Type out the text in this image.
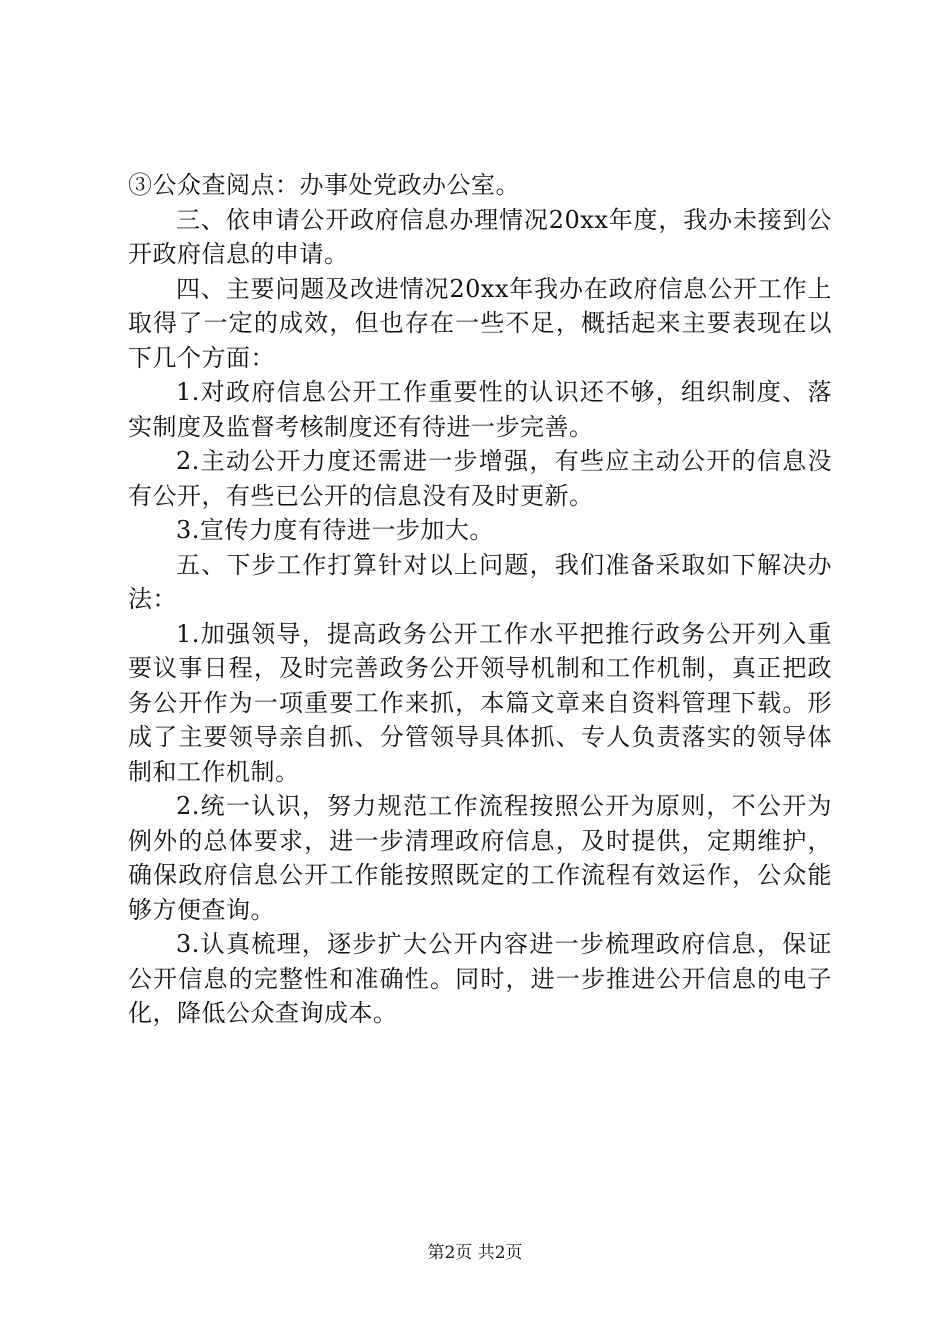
③公众查阅点：办事处党政办公室。

三、依申请公开政府信息办理情况20xx年度，我办未接到公开政府信息的申请。

四、主要问题及改进情况20xx年我办在政府信息公开工作上取得了一定的成效，但也存在一些不足，概括起来主要表现在以下几个方面：

1.对政府信息公开工作重要性的认识还不够，组织制度、落实制度及监督考核制度还有待进一步完善。

2.主动公开力度还需进一步增强，有些应主动公开的信息没有公开，有些已公开的信息没有及时更新。

3.宣传力度有待进一步加大。

五、下步工作打算针对以上问题，我们准备采取如下解决办法：

1.加强领导，提高政务公开工作水平把推行政务公开列入重要议事日程，及时完善政务公开领导机制和工作机制，真正把政务公开作为一项重要工作来抓，本篇文章来自资料管理下载。形成了主要领导亲自抓、分管领导具体抓、专人负责落实的领导体制和工作机制。

2.统一认识，努力规范工作流程按照公开为原则，不公开为例外的总体要求，进一步清理政府信息，及时提供，定期维护，确保政府信息公开工作能按照既定的工作流程有效运作，公众能够方便查询。

3.认真梳理，逐步扩大公开内容进一步梳理政府信息，保证公开信息的完整性和准确性。同时，进一步推进公开信息的电子化，降低公众查询成本。

第2页 共2页
